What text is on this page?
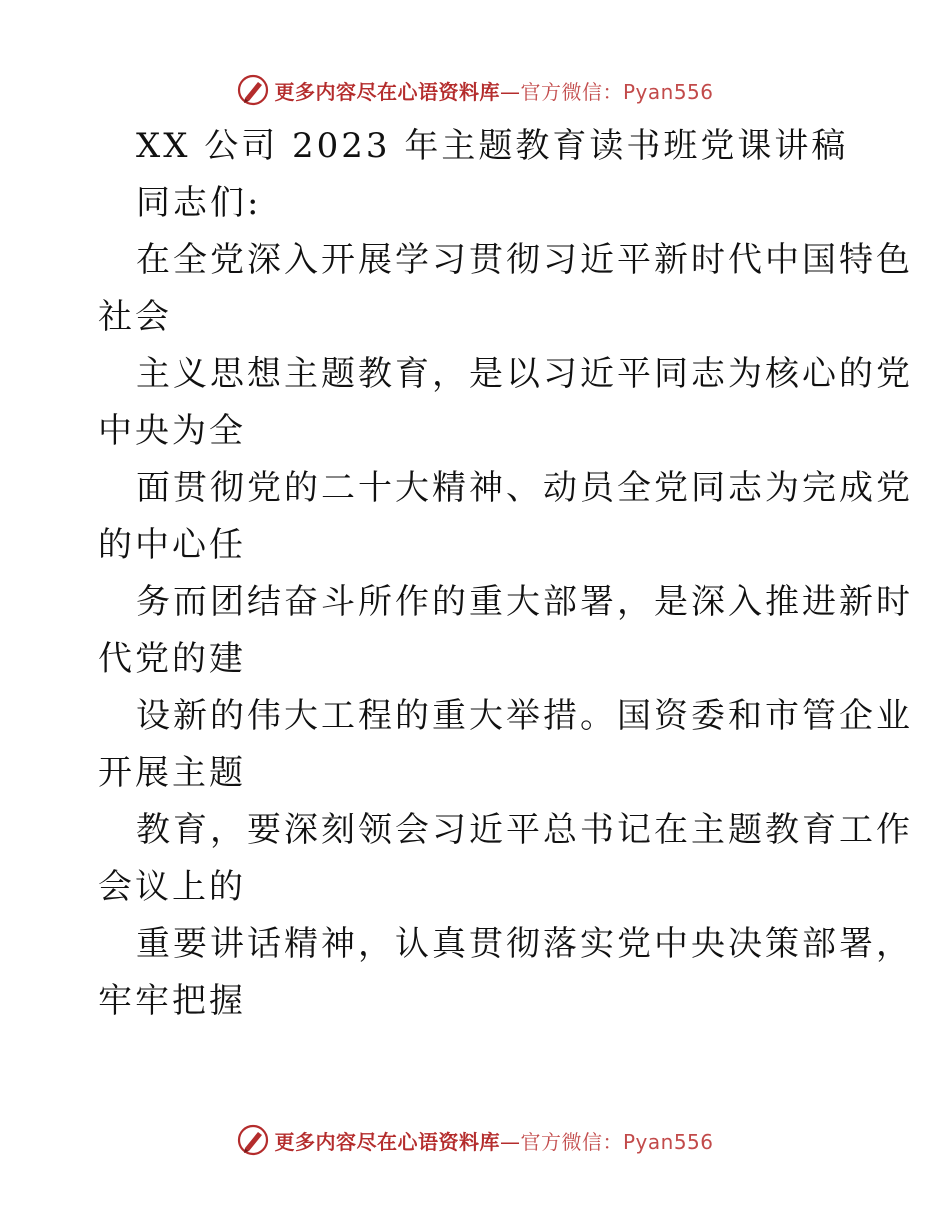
更多内容尽在心语资料库—官方微信：Pyan556
XX 公司 2023 年主题教育读书班党课讲稿
同志们:
在全党深入开展学习贯彻习近平新时代中国特色
社会
主义思想主题教育，是以习近平同志为核心的党
中央为全
面贯彻党的二十大精神、动员全党同志为完成党
的中心任
务而团结奋斗所作的重大部署，是深入推进新时
代党的建
设新的伟大工程的重大举措。国资委和市管企业
开展主题
教育，要深刻领会习近平总书记在主题教育工作
会议上的
重要讲话精神，认真贯彻落实党中央决策部署，
牢牢把握
更多内容尽在心语资料库—官方微信：Pyan556
